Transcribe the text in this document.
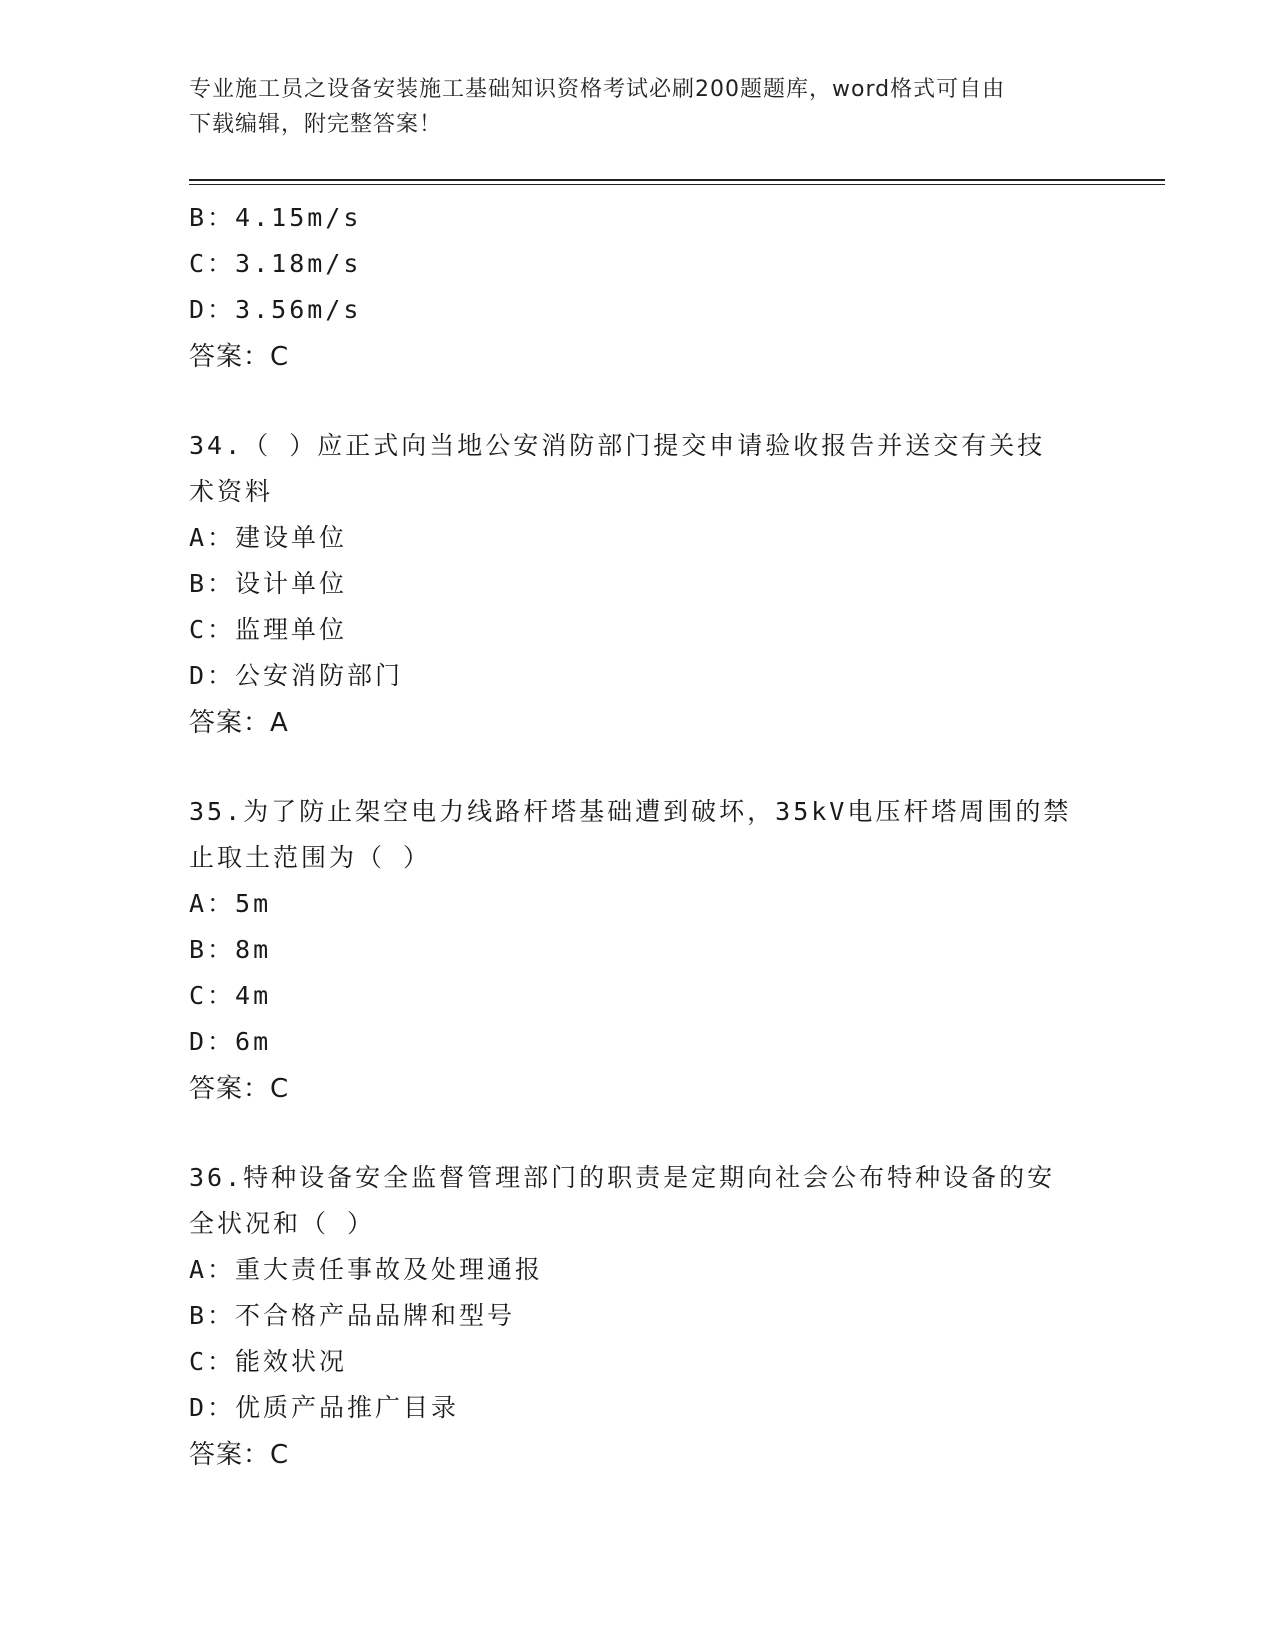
专业施工员之设备安装施工基础知识资格考试必刷200题题库，word格式可自由
下载编辑，附完整答案！
B：4.15m/s
C：3.18m/s
D：3.56m/s
答案：C
34.（ ）应正式向当地公安消防部门提交申请验收报告并送交有关技
术资料
A：建设单位
B：设计单位
C：监理单位
D：公安消防部门
答案：A
35.为了防止架空电力线路杆塔基础遭到破坏，35kV电压杆塔周围的禁
止取土范围为（ ）
A：5m
B：8m
C：4m
D：6m
答案：C
36.特种设备安全监督管理部门的职责是定期向社会公布特种设备的安
全状况和（ ）
A：重大责任事故及处理通报
B：不合格产品品牌和型号
C：能效状况
D：优质产品推广目录
答案：C
